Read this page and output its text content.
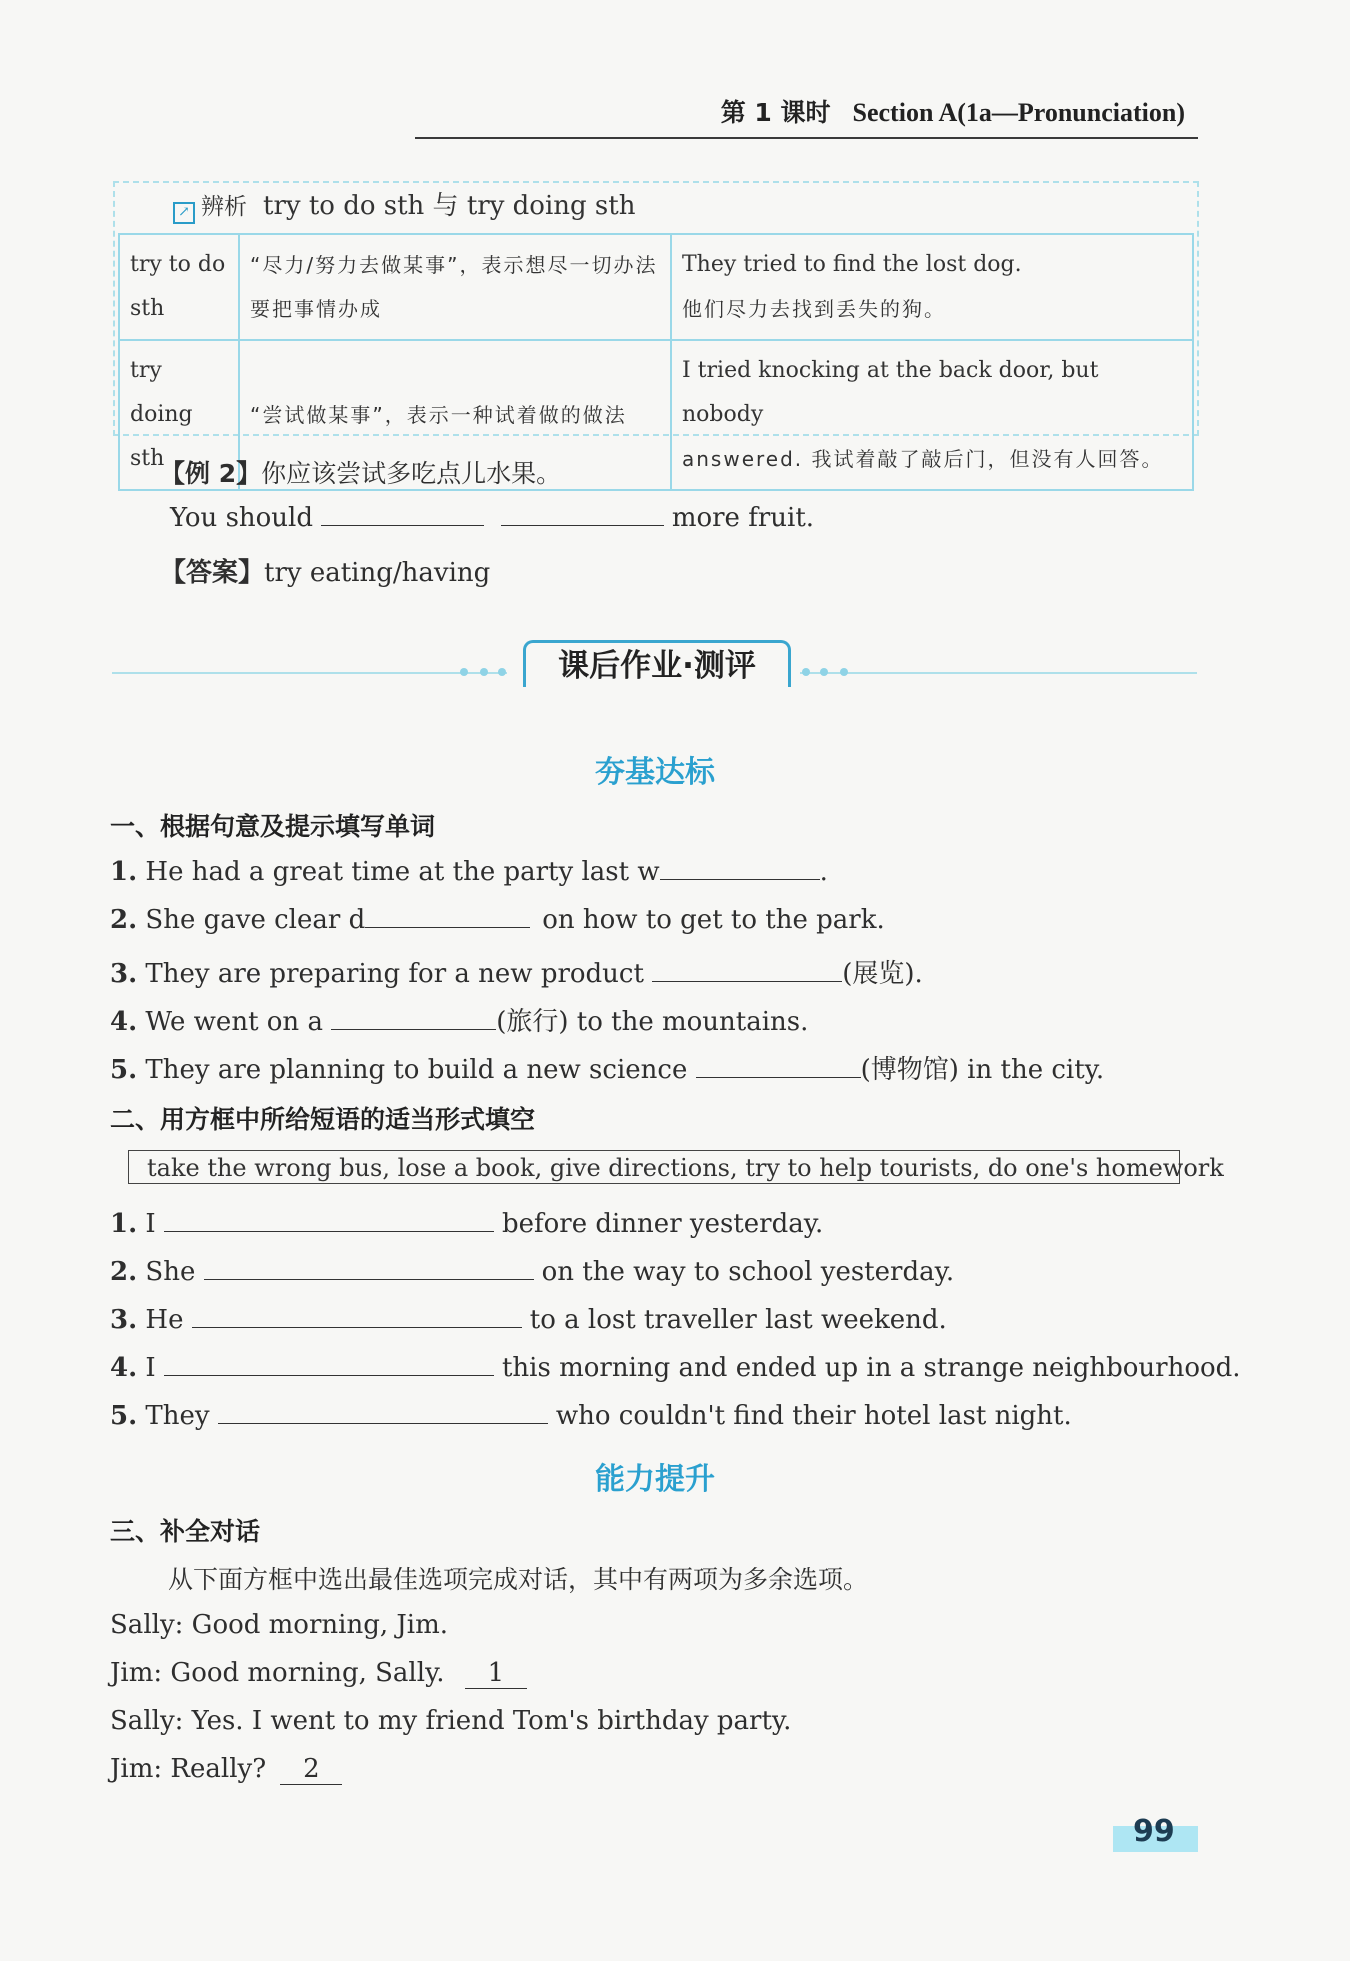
第 1 课时 Section A(1a—Pronunciation)
↗ 辨析 try to do sth 与 try doing sth
try to do sth	“尽力/努力去做某事”，表示想尽一切办法要把事情办成	They tried to find the lost dog.
他们尽力去找到丢失的狗。

try doing sth	“尝试做某事”，表示一种试着做的做法	I tried knocking at the back door, but nobody
answered. 我试着敲了敲后门，但没有人回答。
【例 2】你应该尝试多吃点儿水果。
You should	more fruit.
【答案】try eating/having
课后作业·测评
夯基达标
一、根据句意及提示填写单词
1. He had a great time at the party last w	.
2. She gave clear d	on how to get to the park.
3. They are preparing for a new product	(展览).
4. We went on a	(旅行) to the mountains.
5. They are planning to build a new science	(博物馆) in the city.
二、用方框中所给短语的适当形式填空
take the wrong bus, lose a book, give directions, try to help tourists, do one's homework
1. I	before dinner yesterday.
2. She	on the way to school yesterday.
3. He	to a lost traveller last weekend.
4. I	this morning and ended up in a strange neighbourhood.
5. They	who couldn't find their hotel last night.
能力提升
三、补全对话
从下面方框中选出最佳选项完成对话，其中有两项为多余选项。
Sally: Good morning, Jim.
Jim: Good morning, Sally. 1
Sally: Yes. I went to my friend Tom's birthday party.
Jim: Really? 2
99
